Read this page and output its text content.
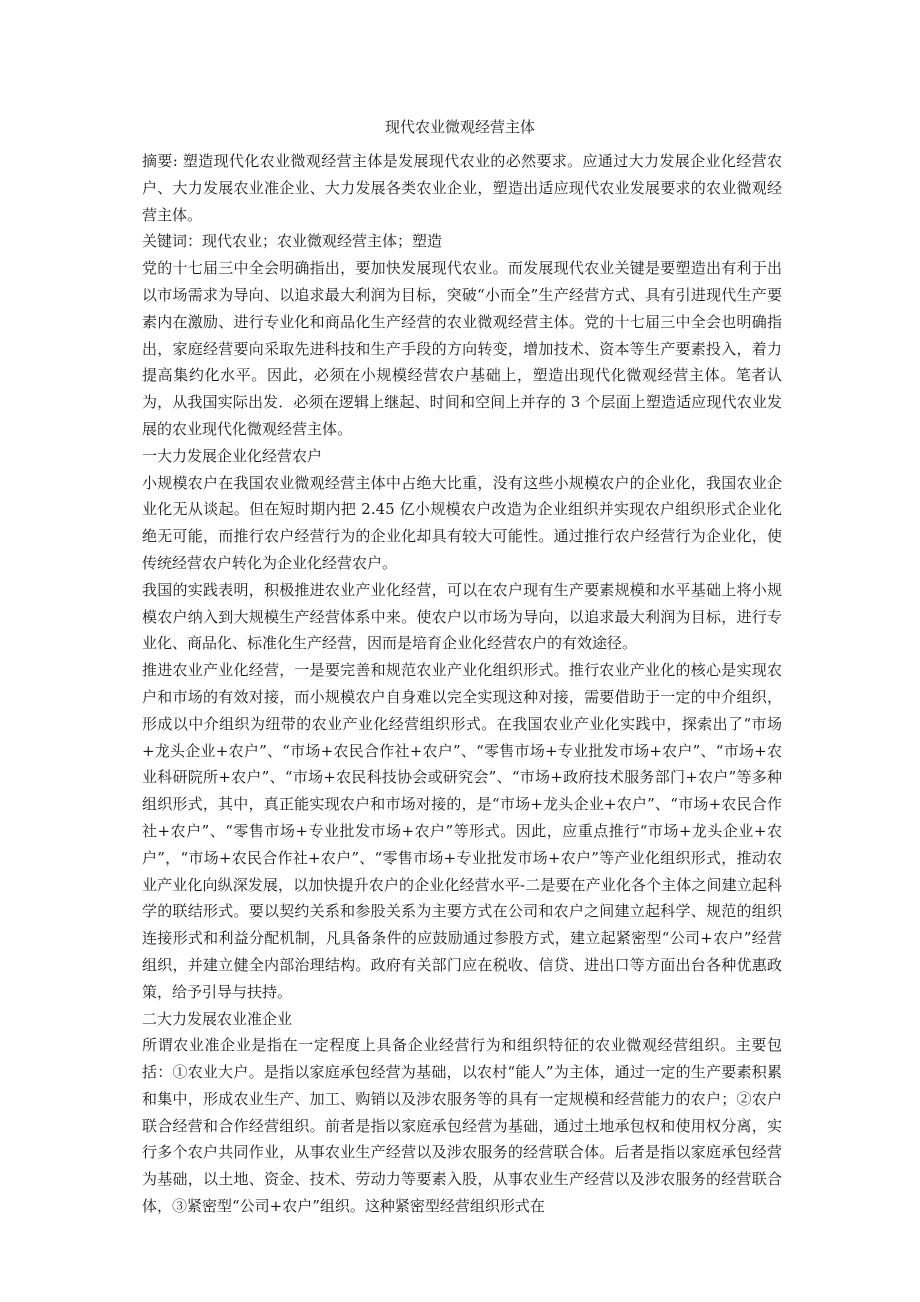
现代农业微观经营主体

摘要: 塑造现代化农业微观经营主体是发展现代农业的必然要求。应通过大力发展企业化经营农户、大力发展农业准企业、大力发展各类农业企业，塑造出适应现代农业发展要求的农业微观经营主体。

关键词：现代农业；农业微观经营主体；塑造

党的十七届三中全会明确指出，要加快发展现代农业。而发展现代农业关键是要塑造出有利于出以市场需求为导向、以追求最大利润为目标，突破“小而全”生产经营方式、具有引进现代生产要素内在激励、进行专业化和商品化生产经营的农业微观经营主体。党的十七届三中全会也明确指出，家庭经营要向采取先进科技和生产手段的方向转变，增加技术、资本等生产要素投入，着力提高集约化水平。因此，必须在小规模经营农户基础上，塑造出现代化微观经营主体。笔者认为，从我国实际出发．必须在逻辑上继起、时间和空间上并存的 3 个层面上塑造适应现代农业发展的农业现代化微观经营主体。

一大力发展企业化经营农户

小规模农户在我国农业微观经营主体中占绝大比重，没有这些小规模农户的企业化，我国农业企业化无从谈起。但在短时期内把 2.45 亿小规模农户改造为企业组织并实现农户组织形式企业化绝无可能，而推行农户经营行为的企业化却具有较大可能性。通过推行农户经营行为企业化，使传统经营农户转化为企业化经营农户。

我国的实践表明，积极推进农业产业化经营，可以在农户现有生产要素规模和水平基础上将小规模农户纳入到大规模生产经营体系中来。使农户以市场为导向，以追求最大利润为目标，进行专业化、商品化、标准化生产经营，因而是培育企业化经营农户的有效途径。

推进农业产业化经营，一是要完善和规范农业产业化组织形式。推行农业产业化的核心是实现农户和市场的有效对接，而小规模农户自身难以完全实现这种对接，需要借助于一定的中介组织，形成以中介组织为纽带的农业产业化经营组织形式。在我国农业产业化实践中，探索出了“市场+龙头企业+农户”、“市场+农民合作社+农户”、“零售市场+专业批发市场+农户”、“市场+农业科研院所+农户”、“市场+农民科技协会或研究会”、“市场+政府技术服务部门+农户”等多种组织形式，其中，真正能实现农户和市场对接的，是“市场+龙头企业+农户”、“市场+农民合作社+农户”、“零售市场+专业批发市场+农户”等形式。因此，应重点推行“市场+龙头企业+农户”，“市场+农民合作社+农户”、“零售市场+专业批发市场+农户”等产业化组织形式，推动农业产业化向纵深发展，以加快提升农户的企业化经营水平-二是要在产业化各个主体之间建立起科学的联结形式。要以契约关系和参股关系为主要方式在公司和农户之间建立起科学、规范的组织连接形式和利益分配机制，凡具备条件的应鼓励通过参股方式，建立起紧密型“公司+农户”经营组织，并建立健全内部治理结构。政府有关部门应在税收、信贷、进出口等方面出台各种优惠政策，给予引导与扶持。

二大力发展农业准企业

所谓农业准企业是指在一定程度上具备企业经营行为和组织特征的农业微观经营组织。主要包括：①农业大户。是指以家庭承包经营为基础，以农村“能人”为主体，通过一定的生产要素积累和集中，形成农业生产、加工、购销以及涉农服务等的具有一定规模和经营能力的农户；②农户联合经营和合作经营组织。前者是指以家庭承包经营为基础，通过土地承包权和使用权分离，实行多个农户共同作业，从事农业生产经营以及涉农服务的经营联合体。后者是指以家庭承包经营为基础，以土地、资金、技术、劳动力等要素入股，从事农业生产经营以及涉农服务的经营联合体，③紧密型“公司+农户”组织。这种紧密型经营组织形式在
